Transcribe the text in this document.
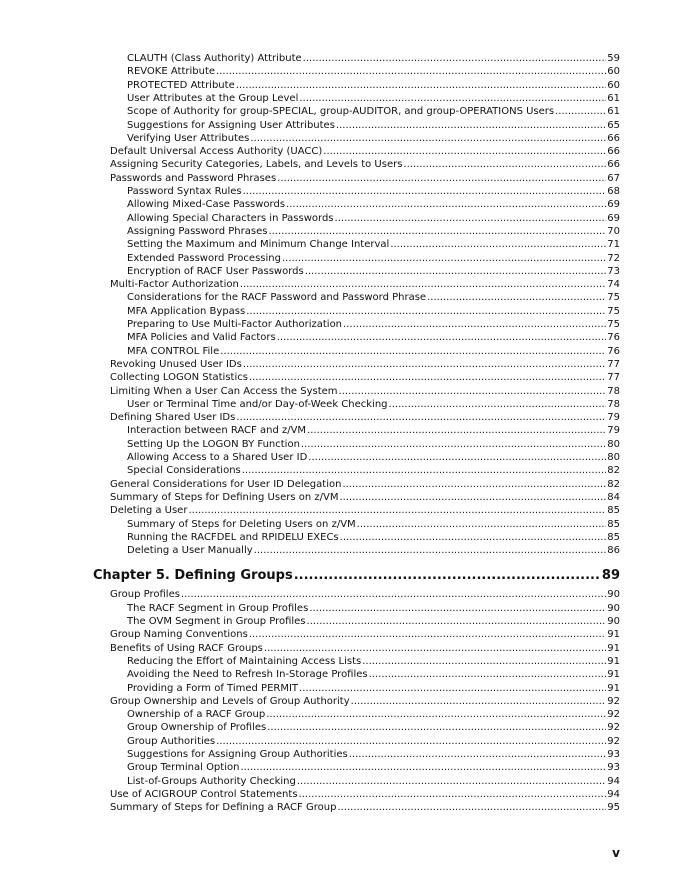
CLAUTH (Class Authority) Attribute .....	59
REVOKE Attribute .....	60
PROTECTED Attribute .....	60
User Attributes at the Group Level .....	61
Scope of Authority for group-SPECIAL, group-AUDITOR, and group-OPERATIONS Users .....	61
Suggestions for Assigning User Attributes .....	65
Verifying User Attributes .....	66
Default Universal Access Authority (UACC) .....	66
Assigning Security Categories, Labels, and Levels to Users .....	66
Passwords and Password Phrases .....	67
Password Syntax Rules .....	68
Allowing Mixed-Case Passwords .....	69
Allowing Special Characters in Passwords .....	69
Assigning Password Phrases .....	70
Setting the Maximum and Minimum Change Interval .....	71
Extended Password Processing .....	72
Encryption of RACF User Passwords .....	73
Multi-Factor Authorization .....	74
Considerations for the RACF Password and Password Phrase .....	75
MFA Application Bypass .....	75
Preparing to Use Multi-Factor Authorization .....	75
MFA Policies and Valid Factors .....	76
MFA CONTROL File .....	76
Revoking Unused User IDs .....	77
Collecting LOGON Statistics .....	77
Limiting When a User Can Access the System .....	78
User or Terminal Time and/or Day-of-Week Checking .....	78
Defining Shared User IDs .....	79
Interaction between RACF and z/VM .....	79
Setting Up the LOGON BY Function .....	80
Allowing Access to a Shared User ID .....	80
Special Considerations .....	82
General Considerations for User ID Delegation .....	82
Summary of Steps for Defining Users on z/VM .....	84
Deleting a User .....	85
Summary of Steps for Deleting Users on z/VM .....	85
Running the RACFDEL and RPIDELU EXECs .....	85
Deleting a User Manually .....	86
Chapter 5. Defining Groups .....	89
Group Profiles .....	90
The RACF Segment in Group Profiles .....	90
The OVM Segment in Group Profiles .....	90
Group Naming Conventions .....	91
Benefits of Using RACF Groups .....	91
Reducing the Effort of Maintaining Access Lists .....	91
Avoiding the Need to Refresh In-Storage Profiles .....	91
Providing a Form of Timed PERMIT .....	91
Group Ownership and Levels of Group Authority .....	92
Ownership of a RACF Group .....	92
Group Ownership of Profiles .....	92
Group Authorities .....	92
Suggestions for Assigning Group Authorities .....	93
Group Terminal Option .....	93
List-of-Groups Authority Checking .....	94
Use of ACIGROUP Control Statements .....	94
Summary of Steps for Defining a RACF Group .....	95
v
